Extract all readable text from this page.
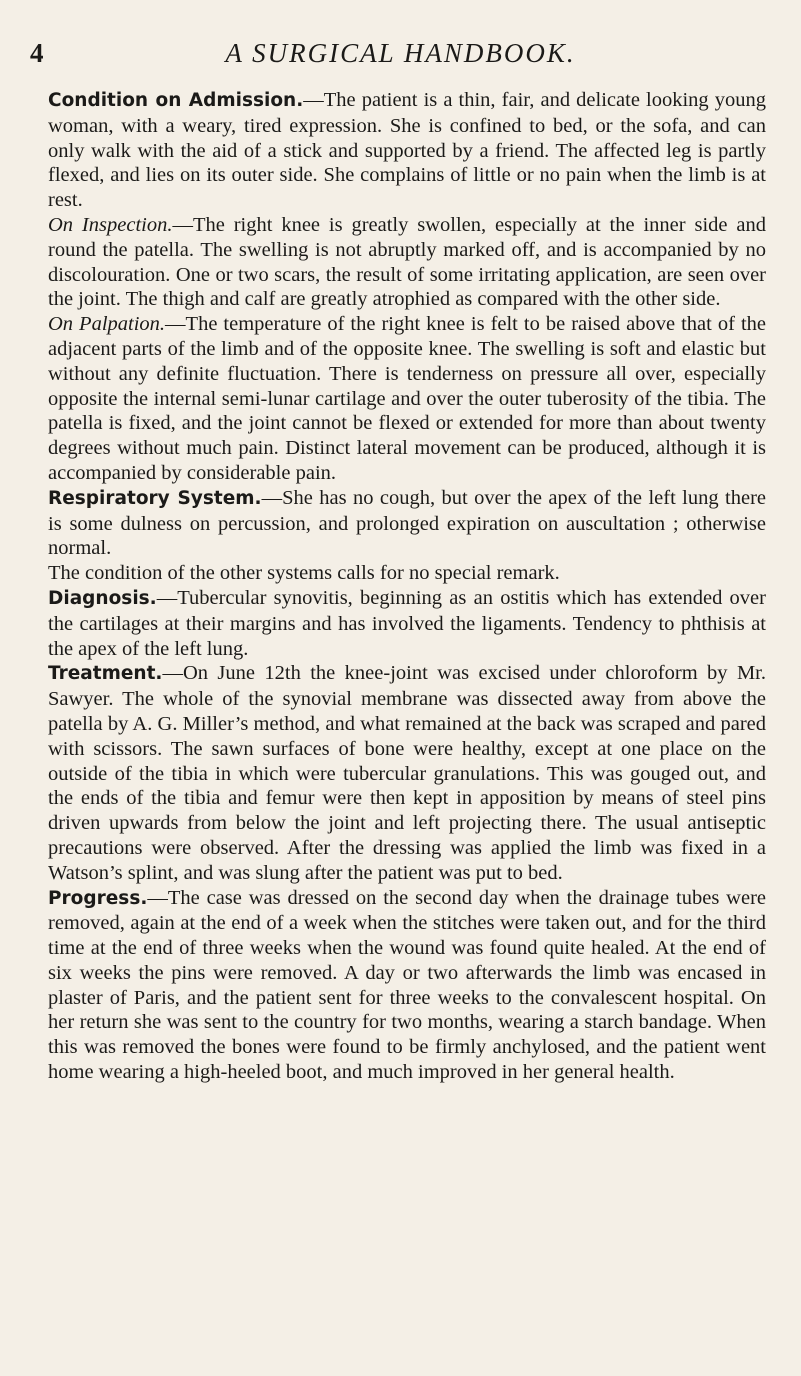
4	A SURGICAL HANDBOOK.

Condition on Admission.—The patient is a thin, fair, and delicate looking young woman, with a weary, tired expression. She is confined to bed, or the sofa, and can only walk with the aid of a stick and supported by a friend. The affected leg is partly flexed, and lies on its outer side. She complains of little or no pain when the limb is at rest.

On Inspection.—The right knee is greatly swollen, especially at the inner side and round the patella. The swelling is not abruptly marked off, and is accompanied by no discolouration. One or two scars, the result of some irritating application, are seen over the joint. The thigh and calf are greatly atrophied as compared with the other side.

On Palpation.—The temperature of the right knee is felt to be raised above that of the adjacent parts of the limb and of the opposite knee. The swelling is soft and elastic but without any definite fluctuation. There is tenderness on pressure all over, especially opposite the internal semi-lunar cartilage and over the outer tuberosity of the tibia. The patella is fixed, and the joint cannot be flexed or extended for more than about twenty degrees without much pain. Distinct lateral movement can be produced, although it is accompanied by considerable pain.

Respiratory System.—She has no cough, but over the apex of the left lung there is some dulness on percussion, and prolonged expiration on auscultation ; otherwise normal.

The condition of the other systems calls for no special remark.

Diagnosis.—Tubercular synovitis, beginning as an ostitis which has extended over the cartilages at their margins and has involved the ligaments. Tendency to phthisis at the apex of the left lung.

Treatment.—On June 12th the knee-joint was excised under chloroform by Mr. Sawyer. The whole of the synovial membrane was dissected away from above the patella by A. G. Miller’s method, and what remained at the back was scraped and pared with scissors. The sawn surfaces of bone were healthy, except at one place on the outside of the tibia in which were tubercular granulations. This was gouged out, and the ends of the tibia and femur were then kept in apposition by means of steel pins driven upwards from below the joint and left projecting there. The usual antiseptic precautions were observed. After the dressing was applied the limb was fixed in a Watson’s splint, and was slung after the patient was put to bed.

Progress.—The case was dressed on the second day when the drainage tubes were removed, again at the end of a week when the stitches were taken out, and for the third time at the end of three weeks when the wound was found quite healed. At the end of six weeks the pins were removed. A day or two afterwards the limb was encased in plaster of Paris, and the patient sent for three weeks to the convalescent hospital. On her return she was sent to the country for two months, wearing a starch bandage. When this was removed the bones were found to be firmly anchylosed, and the patient went home wearing a high-heeled boot, and much improved in her general health.
